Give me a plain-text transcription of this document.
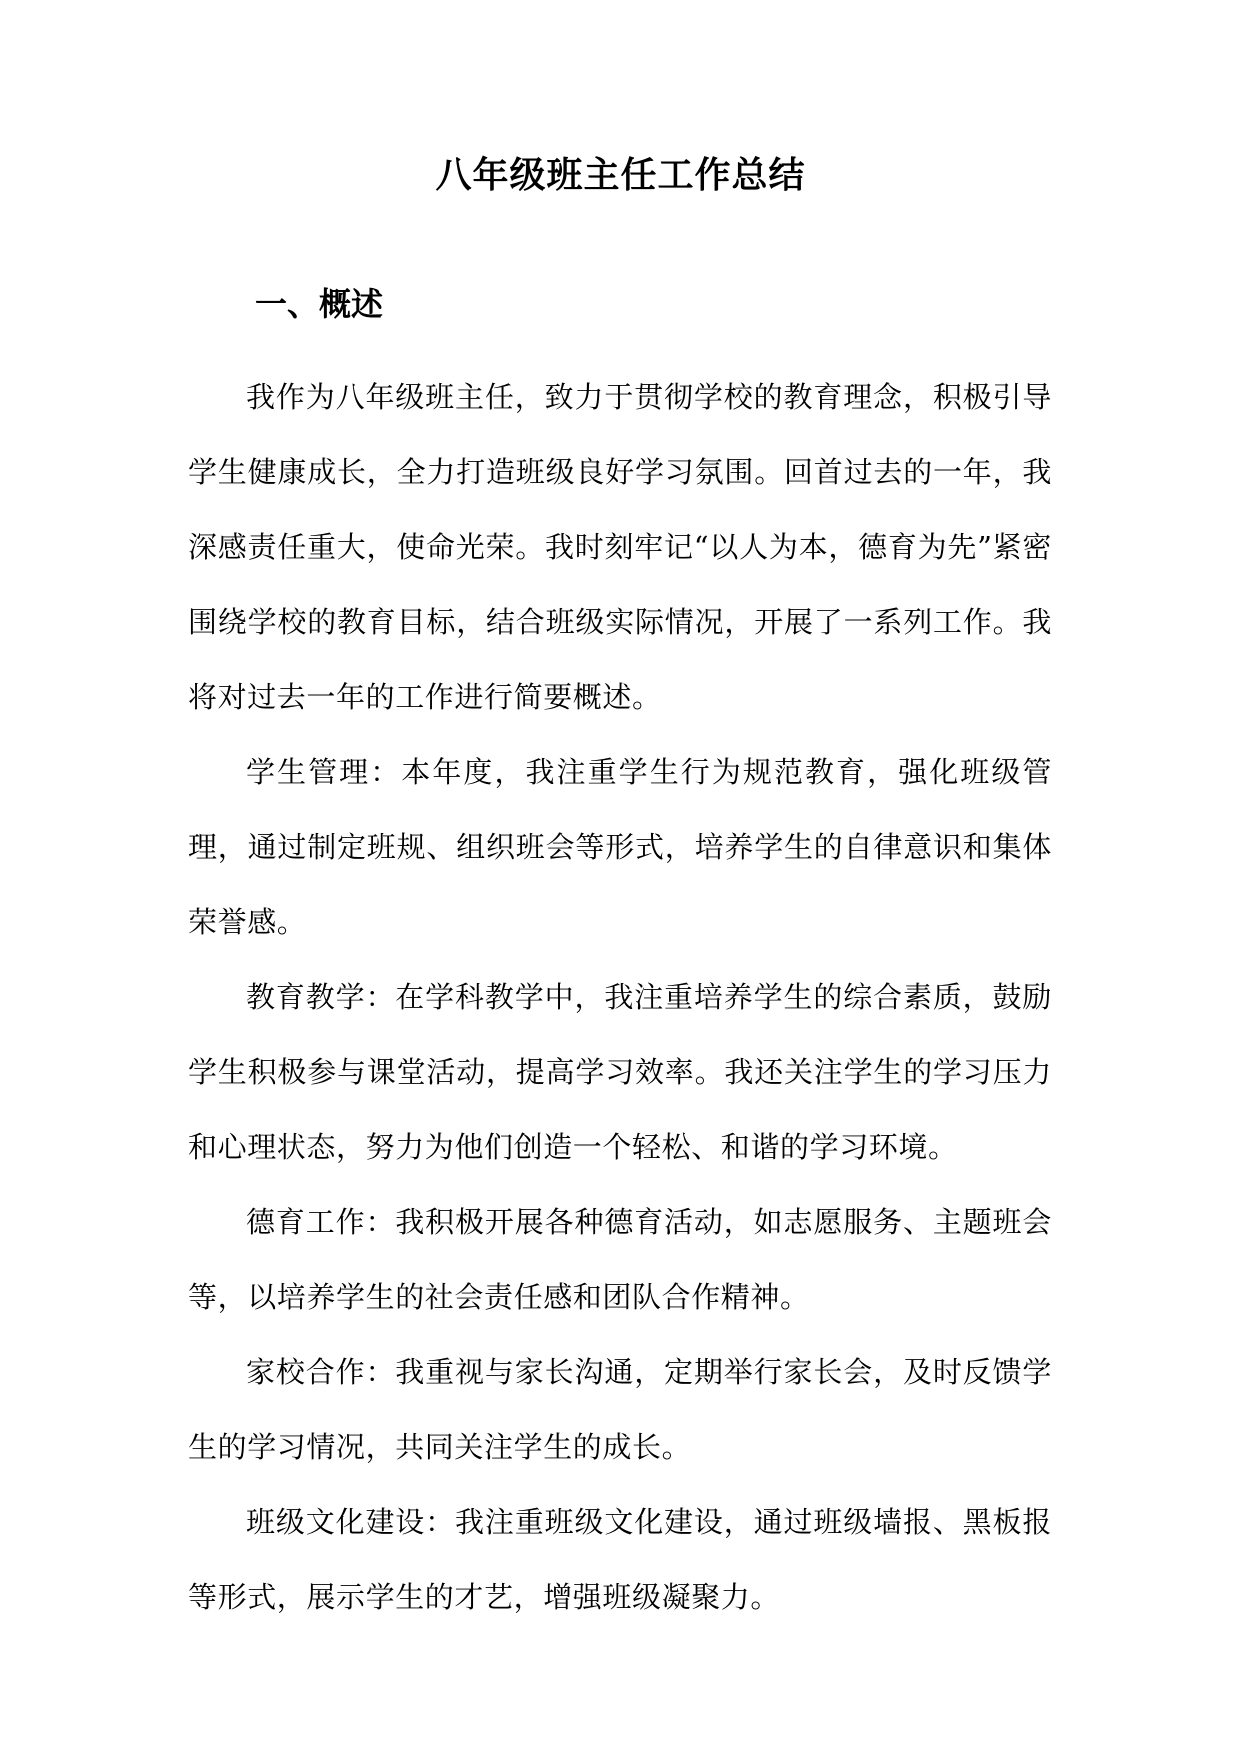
八年级班主任工作总结
一、概述

我作为八年级班主任，致力于贯彻学校的教育理念，积极引导学生健康成长，全力打造班级良好学习氛围。回首过去的一年，我深感责任重大，使命光荣。我时刻牢记“以人为本，德育为先”紧密围绕学校的教育目标，结合班级实际情况，开展了一系列工作。我将对过去一年的工作进行简要概述。

学生管理：本年度，我注重学生行为规范教育，强化班级管理，通过制定班规、组织班会等形式，培养学生的自律意识和集体荣誉感。

教育教学：在学科教学中，我注重培养学生的综合素质，鼓励学生积极参与课堂活动，提高学习效率。我还关注学生的学习压力和心理状态，努力为他们创造一个轻松、和谐的学习环境。

德育工作：我积极开展各种德育活动，如志愿服务、主题班会等，以培养学生的社会责任感和团队合作精神。

家校合作：我重视与家长沟通，定期举行家长会，及时反馈学生的学习情况，共同关注学生的成长。

班级文化建设：我注重班级文化建设，通过班级墙报、黑板报等形式，展示学生的才艺，增强班级凝聚力。
